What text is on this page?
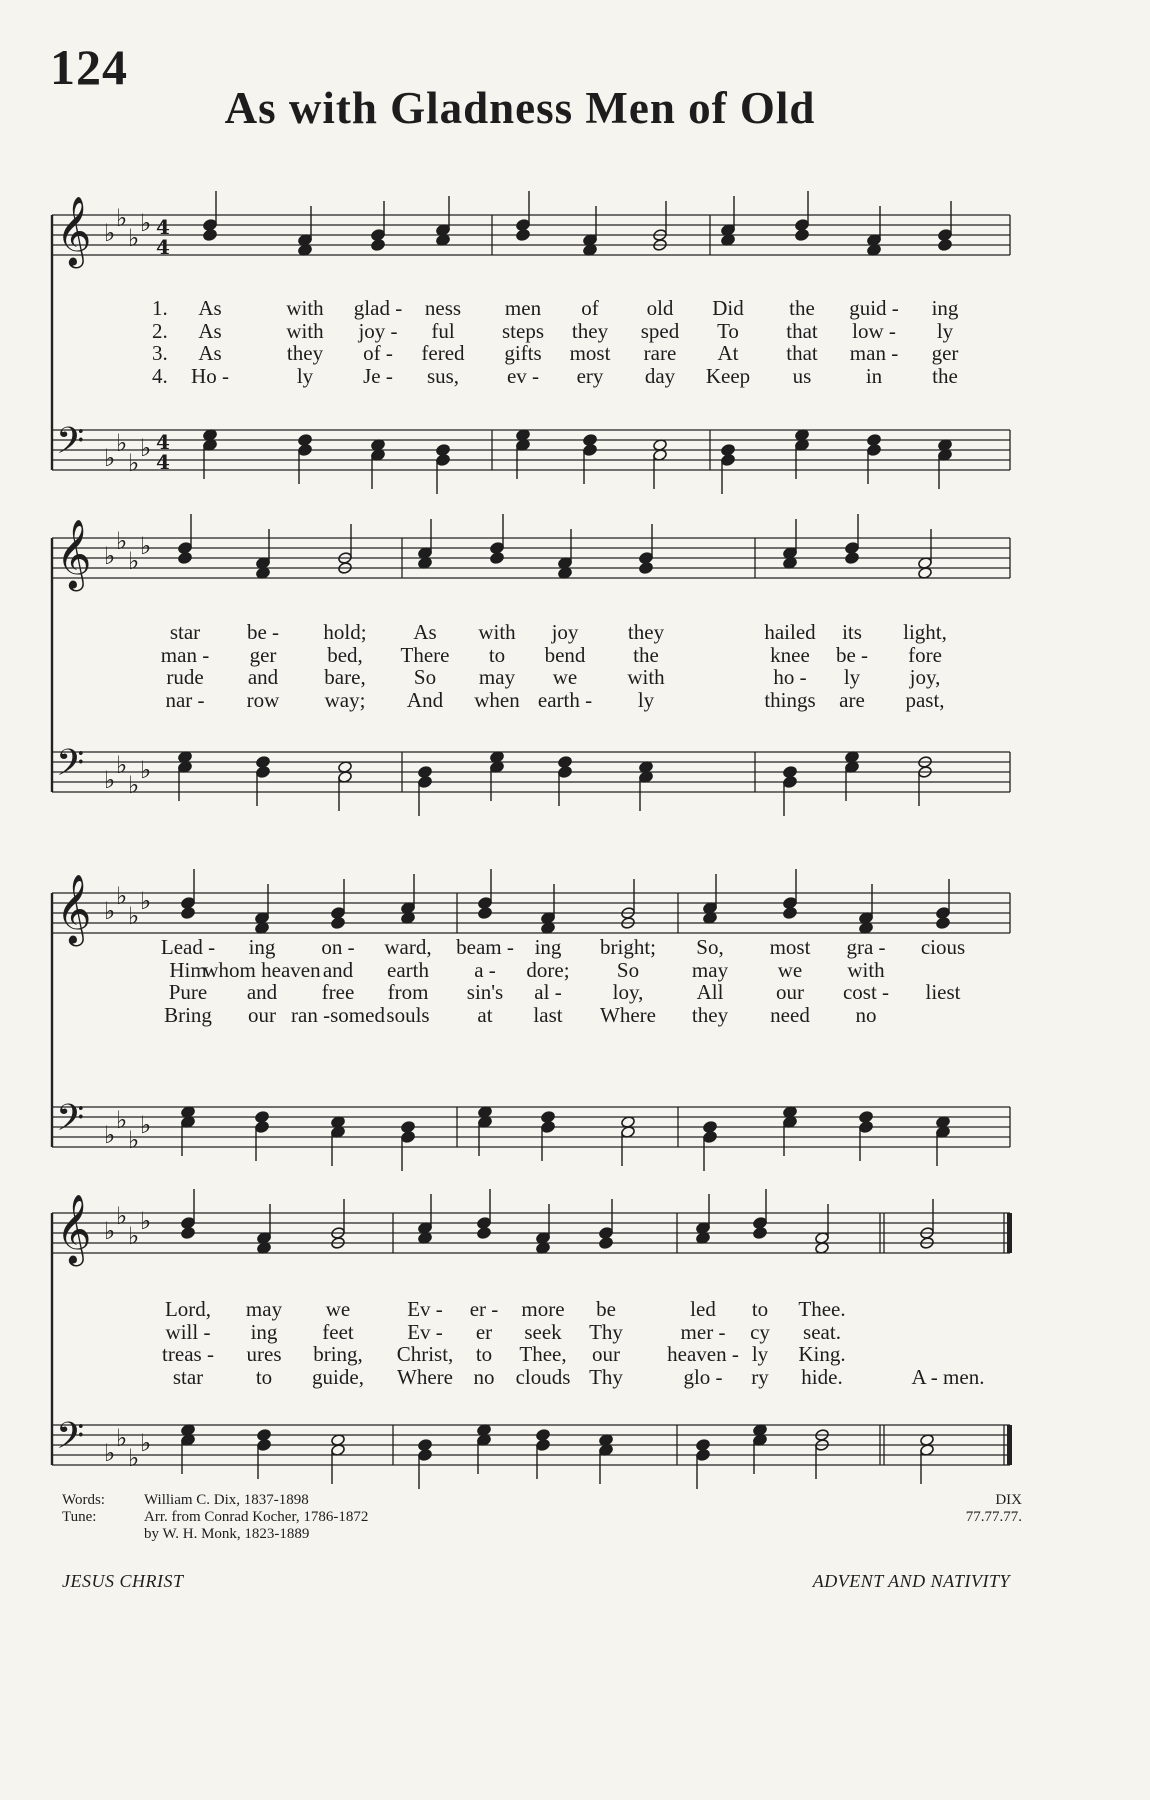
124
As with Gladness Men of Old
𝄞 ♭
♭
♭
♭ 4
4
𝄢 ♭
♭
♭
♭ 4
4
1. As	with glad - ness men of old Did the guid - ing
2. As	with joy - ful steps they sped To that low - ly
3. As	they of - fered gifts most rare At that man - ger
4. Ho -	ly Je - sus, ev - ery day Keep us	in the
𝄞 ♭
♭
♭
♭
𝄢 ♭
♭
♭
♭
star be - hold; As with joy they	hailed its light,
man - ger bed, There to bend the	knee be - fore
rude and bare, So may we with	ho - ly joy,
nar - row way; And when earth - ly	things are past,
𝄞 ♭
♭
♭
♭
𝄢 ♭
♭
♭
♭
Lead - ing on - ward, beam - ing bright; So, most gra - cious
Him
whom heaven and earth a - dore; So	may we with
Pure and free from sin's al - loy,	All	our cost - liest
Bring our ran -somed souls at last Where they need no
𝄞 ♭
♭
♭
♭
𝄢 ♭
♭
♭
♭
Lord, may we	Ev - er - more be	led to Thee.
will - ing feet	Ev - er seek Thy	mer - cy seat.
treas - ures bring, Christ, to Thee, our heaven - ly King.
star	to guide, Where no clouds Thy	glo - ry hide.	A - men.
Words:	William C. Dix, 1837-1898	DIX
Tune:	Arr. from Conrad Kocher, 1786-1872	77.77.77.
by W. H. Monk, 1823-1889
JESUS CHRIST	ADVENT AND NATIVITY
